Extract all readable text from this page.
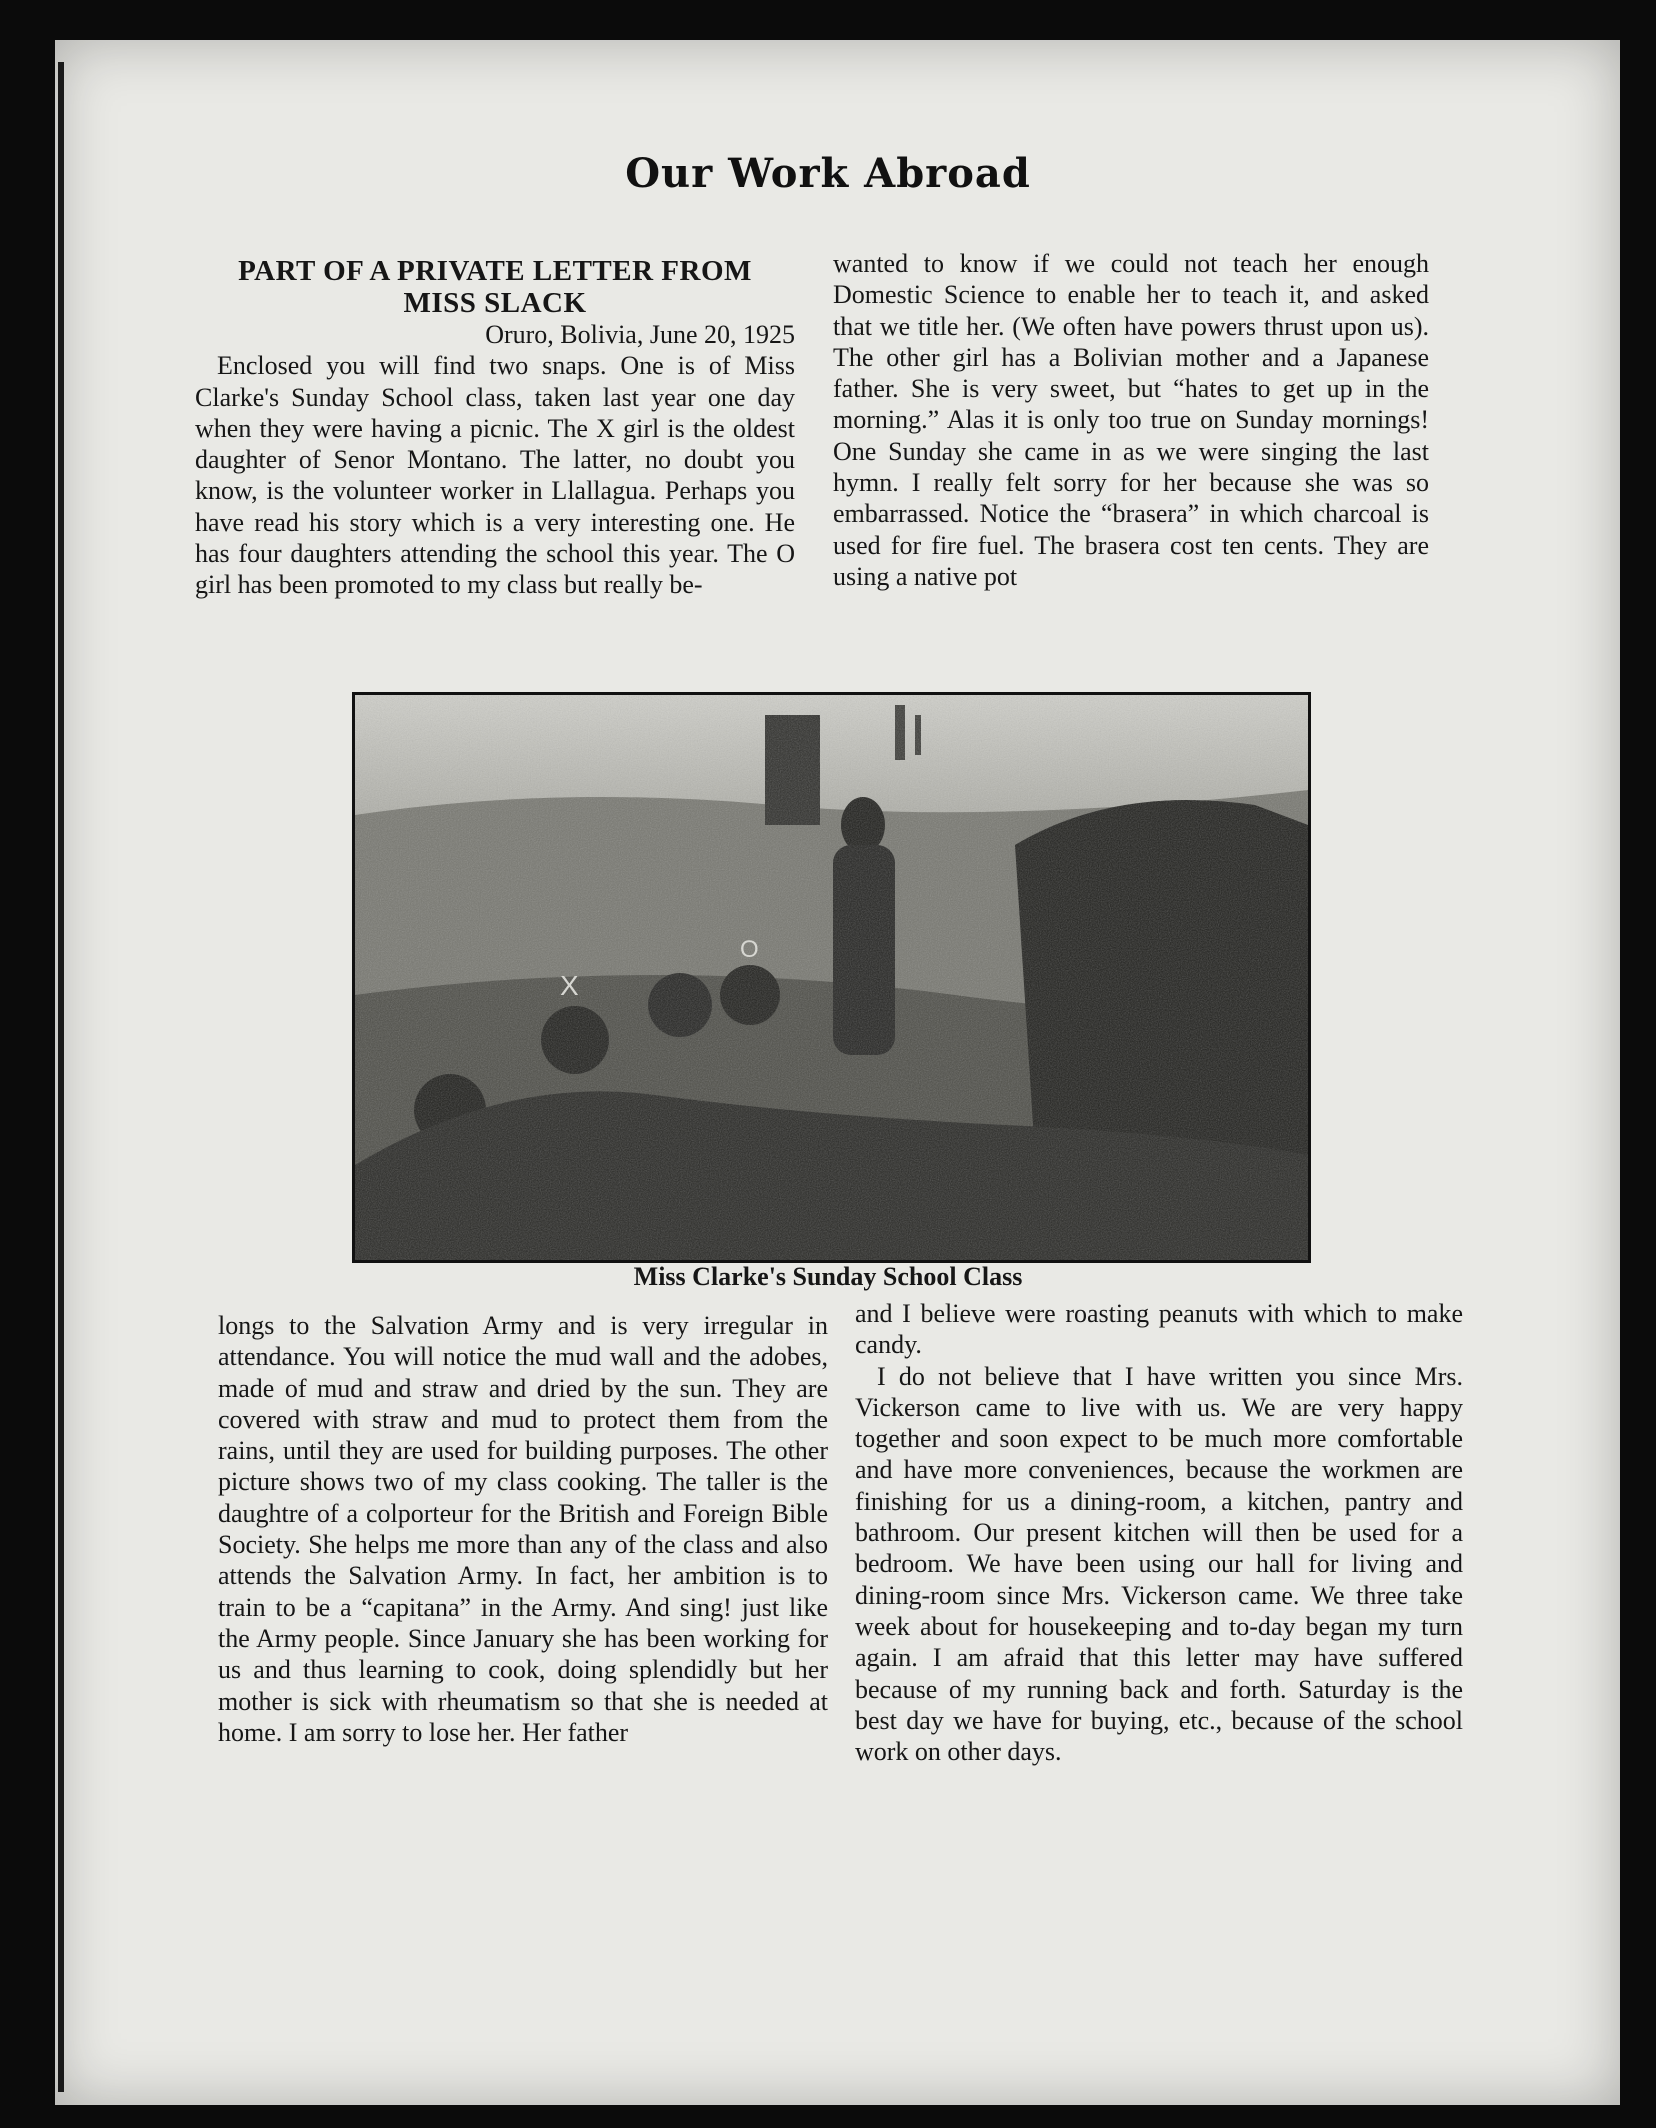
Our Work Abroad
PART OF A PRIVATE LETTER FROM
MISS SLACK

Oruro, Bolivia, June 20, 1925

Enclosed you will find two snaps. One is of Miss Clarke's Sunday School class, taken last year one day when they were having a picnic. The X girl is the oldest daughter of Senor Montano. The latter, no doubt you know, is the volunteer worker in Llallagua. Perhaps you have read his story which is a very interesting one. He has four daughters attending the school this year. The O girl has been promoted to my class but really be-

wanted to know if we could not teach her enough Domestic Science to enable her to teach it, and asked that we title her. (We often have powers thrust upon us). The other girl has a Bolivian mother and a Japanese father. She is very sweet, but “hates to get up in the morning.” Alas it is only too true on Sunday mornings! One Sunday she came in as we were singing the last hymn. I really felt sorry for her because she was so embarrassed. Notice the “brasera” in which charcoal is used for fire fuel. The brasera cost ten cents. They are using a native pot

Miss Clarke's Sunday School Class

longs to the Salvation Army and is very irregular in attendance. You will notice the mud wall and the adobes, made of mud and straw and dried by the sun. They are covered with straw and mud to protect them from the rains, until they are used for building purposes. The other picture shows two of my class cooking. The taller is the daughtre of a colporteur for the British and Foreign Bible Society. She helps me more than any of the class and also attends the Salvation Army. In fact, her ambition is to train to be a “capitana” in the Army. And sing! just like the Army people. Since January she has been working for us and thus learning to cook, doing splendidly but her mother is sick with rheumatism so that she is needed at home. I am sorry to lose her. Her father

and I believe were roasting peanuts with which to make candy.

I do not believe that I have written you since Mrs. Vickerson came to live with us. We are very happy together and soon expect to be much more comfortable and have more conveniences, because the workmen are finishing for us a dining-room, a kitchen, pantry and bathroom. Our present kitchen will then be used for a bedroom. We have been using our hall for living and dining-room since Mrs. Vickerson came. We three take week about for housekeeping and to-day began my turn again. I am afraid that this letter may have suffered because of my running back and forth. Saturday is the best day we have for buying, etc., because of the school work on other days.
